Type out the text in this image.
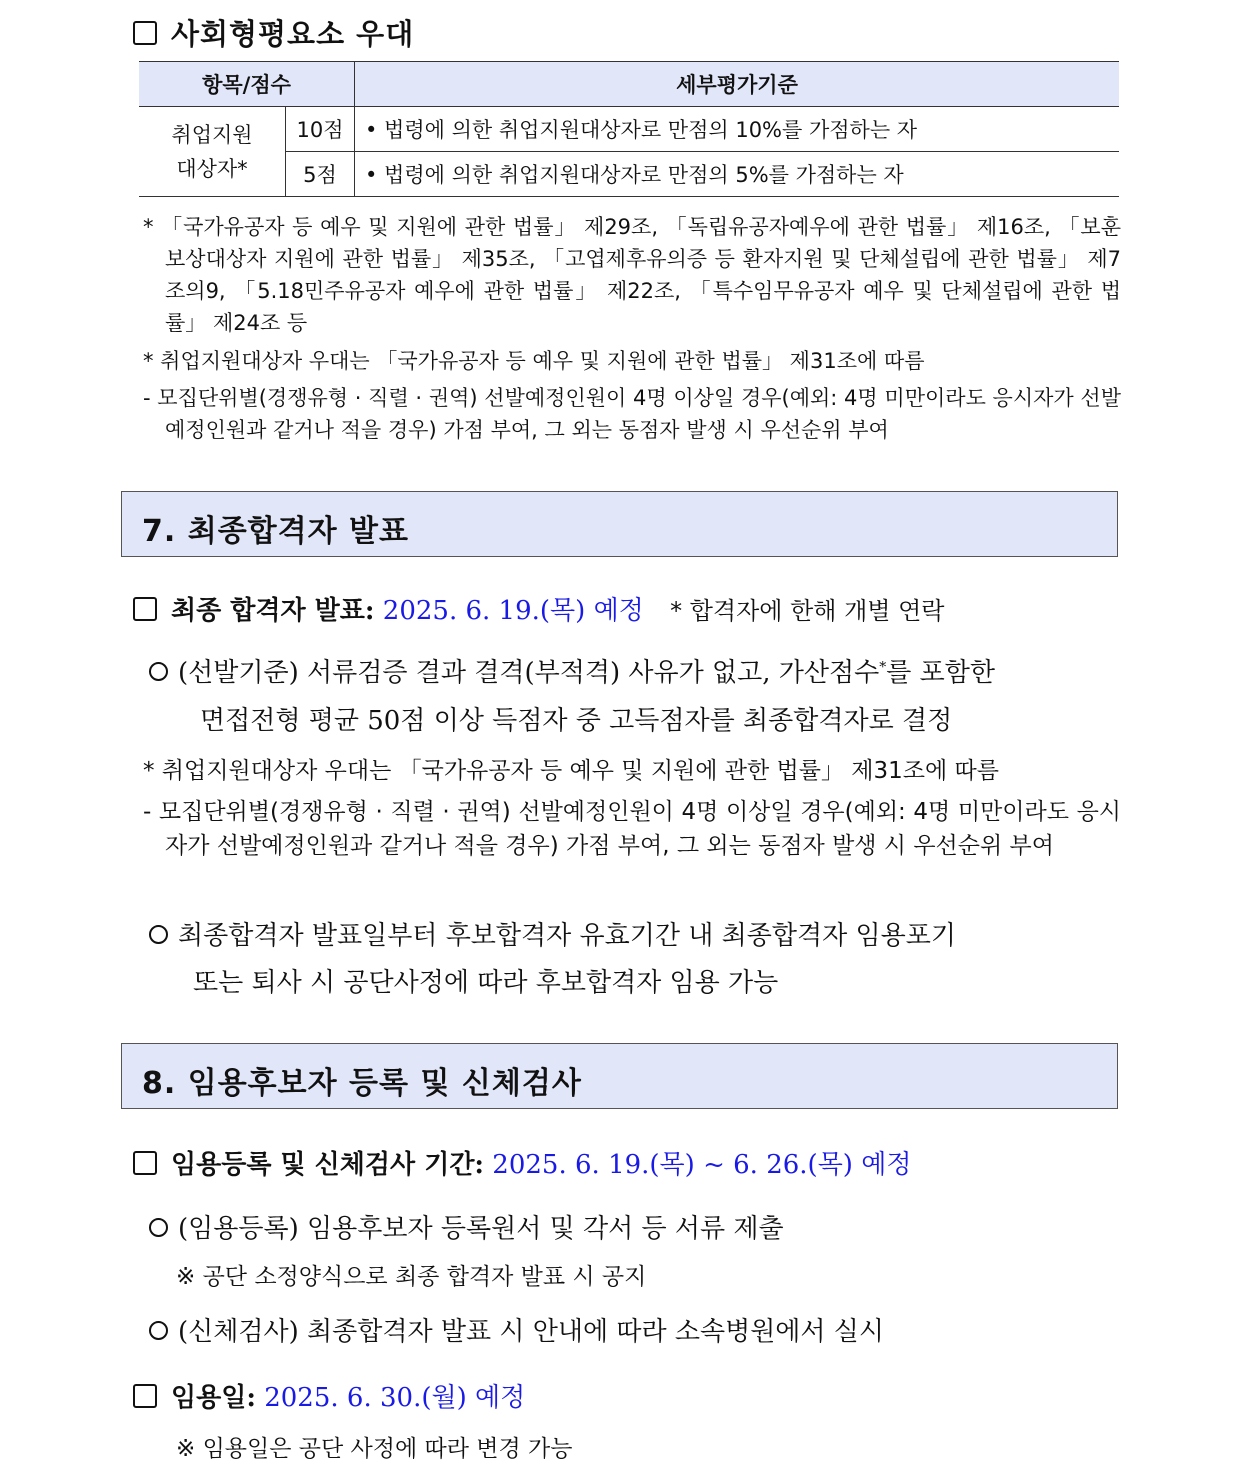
사회형평요소 우대
항목/점수		세부평가기준
취업지원
대상자*	10점	• 법령에 의한 취업지원대상자로 만점의 10%를 가점하는 자
	5점	• 법령에 의한 취업지원대상자로 만점의 5%를 가점하는 자
* 「국가유공자 등 예우 및 지원에 관한 법률」 제29조, 「독립유공자예우에 관한 법률」 제16조, 「보훈보상대상자 지원에 관한 법률」 제35조, 「고엽제후유의증 등 환자지원 및 단체설립에 관한 법률」 제7조의9, 「5.18민주유공자 예우에 관한 법률」 제22조, 「특수임무유공자 예우 및 단체설립에 관한 법률」 제24조 등
* 취업지원대상자 우대는 「국가유공자 등 예우 및 지원에 관한 법률」 제31조에 따름
- 모집단위별(경쟁유형 · 직렬 · 권역) 선발예정인원이 4명 이상일 경우(예외: 4명 미만이라도 응시자가 선발예정인원과 같거나 적을 경우) 가점 부여, 그 외는 동점자 발생 시 우선순위 부여
7. 최종합격자 발표
최종 합격자 발표: 2025. 6. 19.(목) 예정 * 합격자에 한해 개별 연락
(선발기준) 서류검증 결과 결격(부적격) 사유가 없고, 가산점수*를 포함한
면접전형 평균 50점 이상 득점자 중 고득점자를 최종합격자로 결정
* 취업지원대상자 우대는 「국가유공자 등 예우 및 지원에 관한 법률」 제31조에 따름
- 모집단위별(경쟁유형 · 직렬 · 권역) 선발예정인원이 4명 이상일 경우(예외: 4명 미만이라도 응시자가 선발예정인원과 같거나 적을 경우) 가점 부여, 그 외는 동점자 발생 시 우선순위 부여
최종합격자 발표일부터 후보합격자 유효기간 내 최종합격자 임용포기
또는 퇴사 시 공단사정에 따라 후보합격자 임용 가능
8. 임용후보자 등록 및 신체검사
임용등록 및 신체검사 기간: 2025. 6. 19.(목) ~ 6. 26.(목) 예정
(임용등록) 임용후보자 등록원서 및 각서 등 서류 제출
※ 공단 소정양식으로 최종 합격자 발표 시 공지
(신체검사) 최종합격자 발표 시 안내에 따라 소속병원에서 실시
임용일: 2025. 6. 30.(월) 예정
※ 임용일은 공단 사정에 따라 변경 가능
